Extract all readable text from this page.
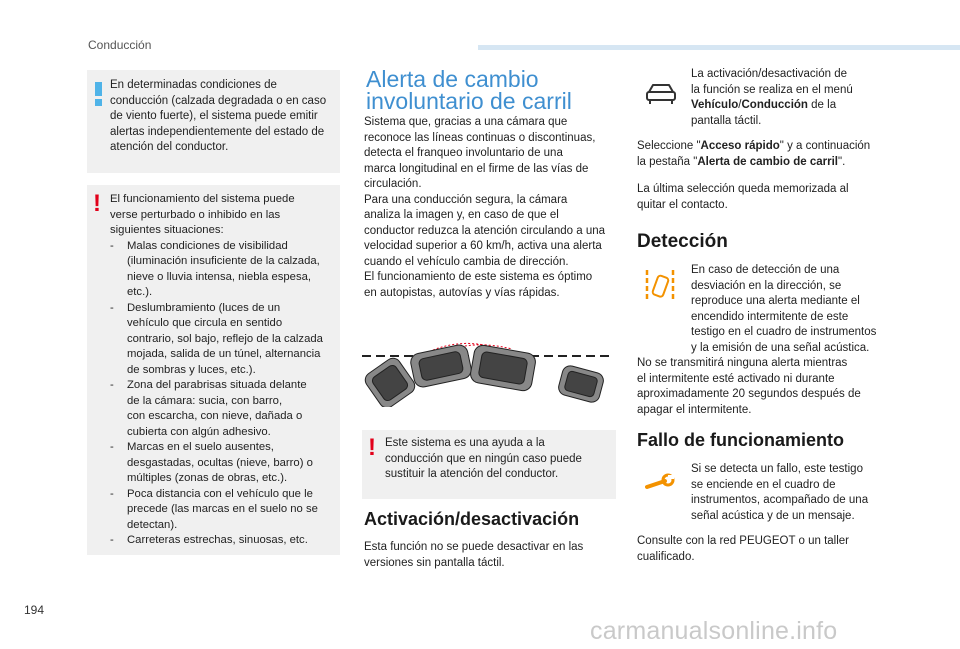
Conducción
194
carmanualsonline.info

En determinadas condiciones de

conducción (calzada degradada o en caso

de viento fuerte), el sistema puede emitir

alertas independientemente del estado de

atención del conductor.

! El funcionamiento del sistema puede

verse perturbado o inhibido en las

siguientes situaciones:

- Malas condiciones de visibilidad

(iluminación insuficiente de la calzada,

nieve o lluvia intensa, niebla espesa,

etc.).

- Deslumbramiento (luces de un

vehículo que circula en sentido

contrario, sol bajo, reflejo de la calzada

mojada, salida de un túnel, alternancia

de sombras y luces, etc.).

- Zona del parabrisas situada delante

de la cámara: sucia, con barro,

con escarcha, con nieve, dañada o

cubierta con algún adhesivo.

- Marcas en el suelo ausentes,

desgastadas, ocultas (nieve, barro) o

múltiples (zonas de obras, etc.).

- Poca distancia con el vehículo que le

precede (las marcas en el suelo no se

detectan).

- Carreteras estrechas, sinuosas, etc.

Alerta de cambio
involuntario de carril

Sistema que, gracias a una cámara que

reconoce las líneas continuas o discontinuas,

detecta el franqueo involuntario de una

marca longitudinal en el firme de las vías de

circulación.

Para una conducción segura, la cámara

analiza la imagen y, en caso de que el

conductor reduzca la atención circulando a una

velocidad superior a 60 km/h, activa una alerta

cuando el vehículo cambia de dirección.

El funcionamiento de este sistema es óptimo

en autopistas, autovías y vías rápidas.

! Este sistema es una ayuda a la

conducción que en ningún caso puede

sustituir la atención del conductor.

Activación/desactivación

Esta función no se puede desactivar en las

versiones sin pantalla táctil.

La activación/desactivación de

la función se realiza en el menú

Vehículo/Conducción de la

pantalla táctil.

Seleccione "Acceso rápido" y a continuación

la pestaña "Alerta de cambio de carril".

La última selección queda memorizada al

quitar el contacto.

Detección

En caso de detección de una

desviación en la dirección, se

reproduce una alerta mediante el

encendido intermitente de este

testigo en el cuadro de instrumentos

y la emisión de una señal acústica.

No se transmitirá ninguna alerta mientras

el intermitente esté activado ni durante

aproximadamente 20 segundos después de

apagar el intermitente.

Fallo de funcionamiento

Si se detecta un fallo, este testigo

se enciende en el cuadro de

instrumentos, acompañado de una

señal acústica y de un mensaje.

Consulte con la red PEUGEOT o un taller

cualificado.
